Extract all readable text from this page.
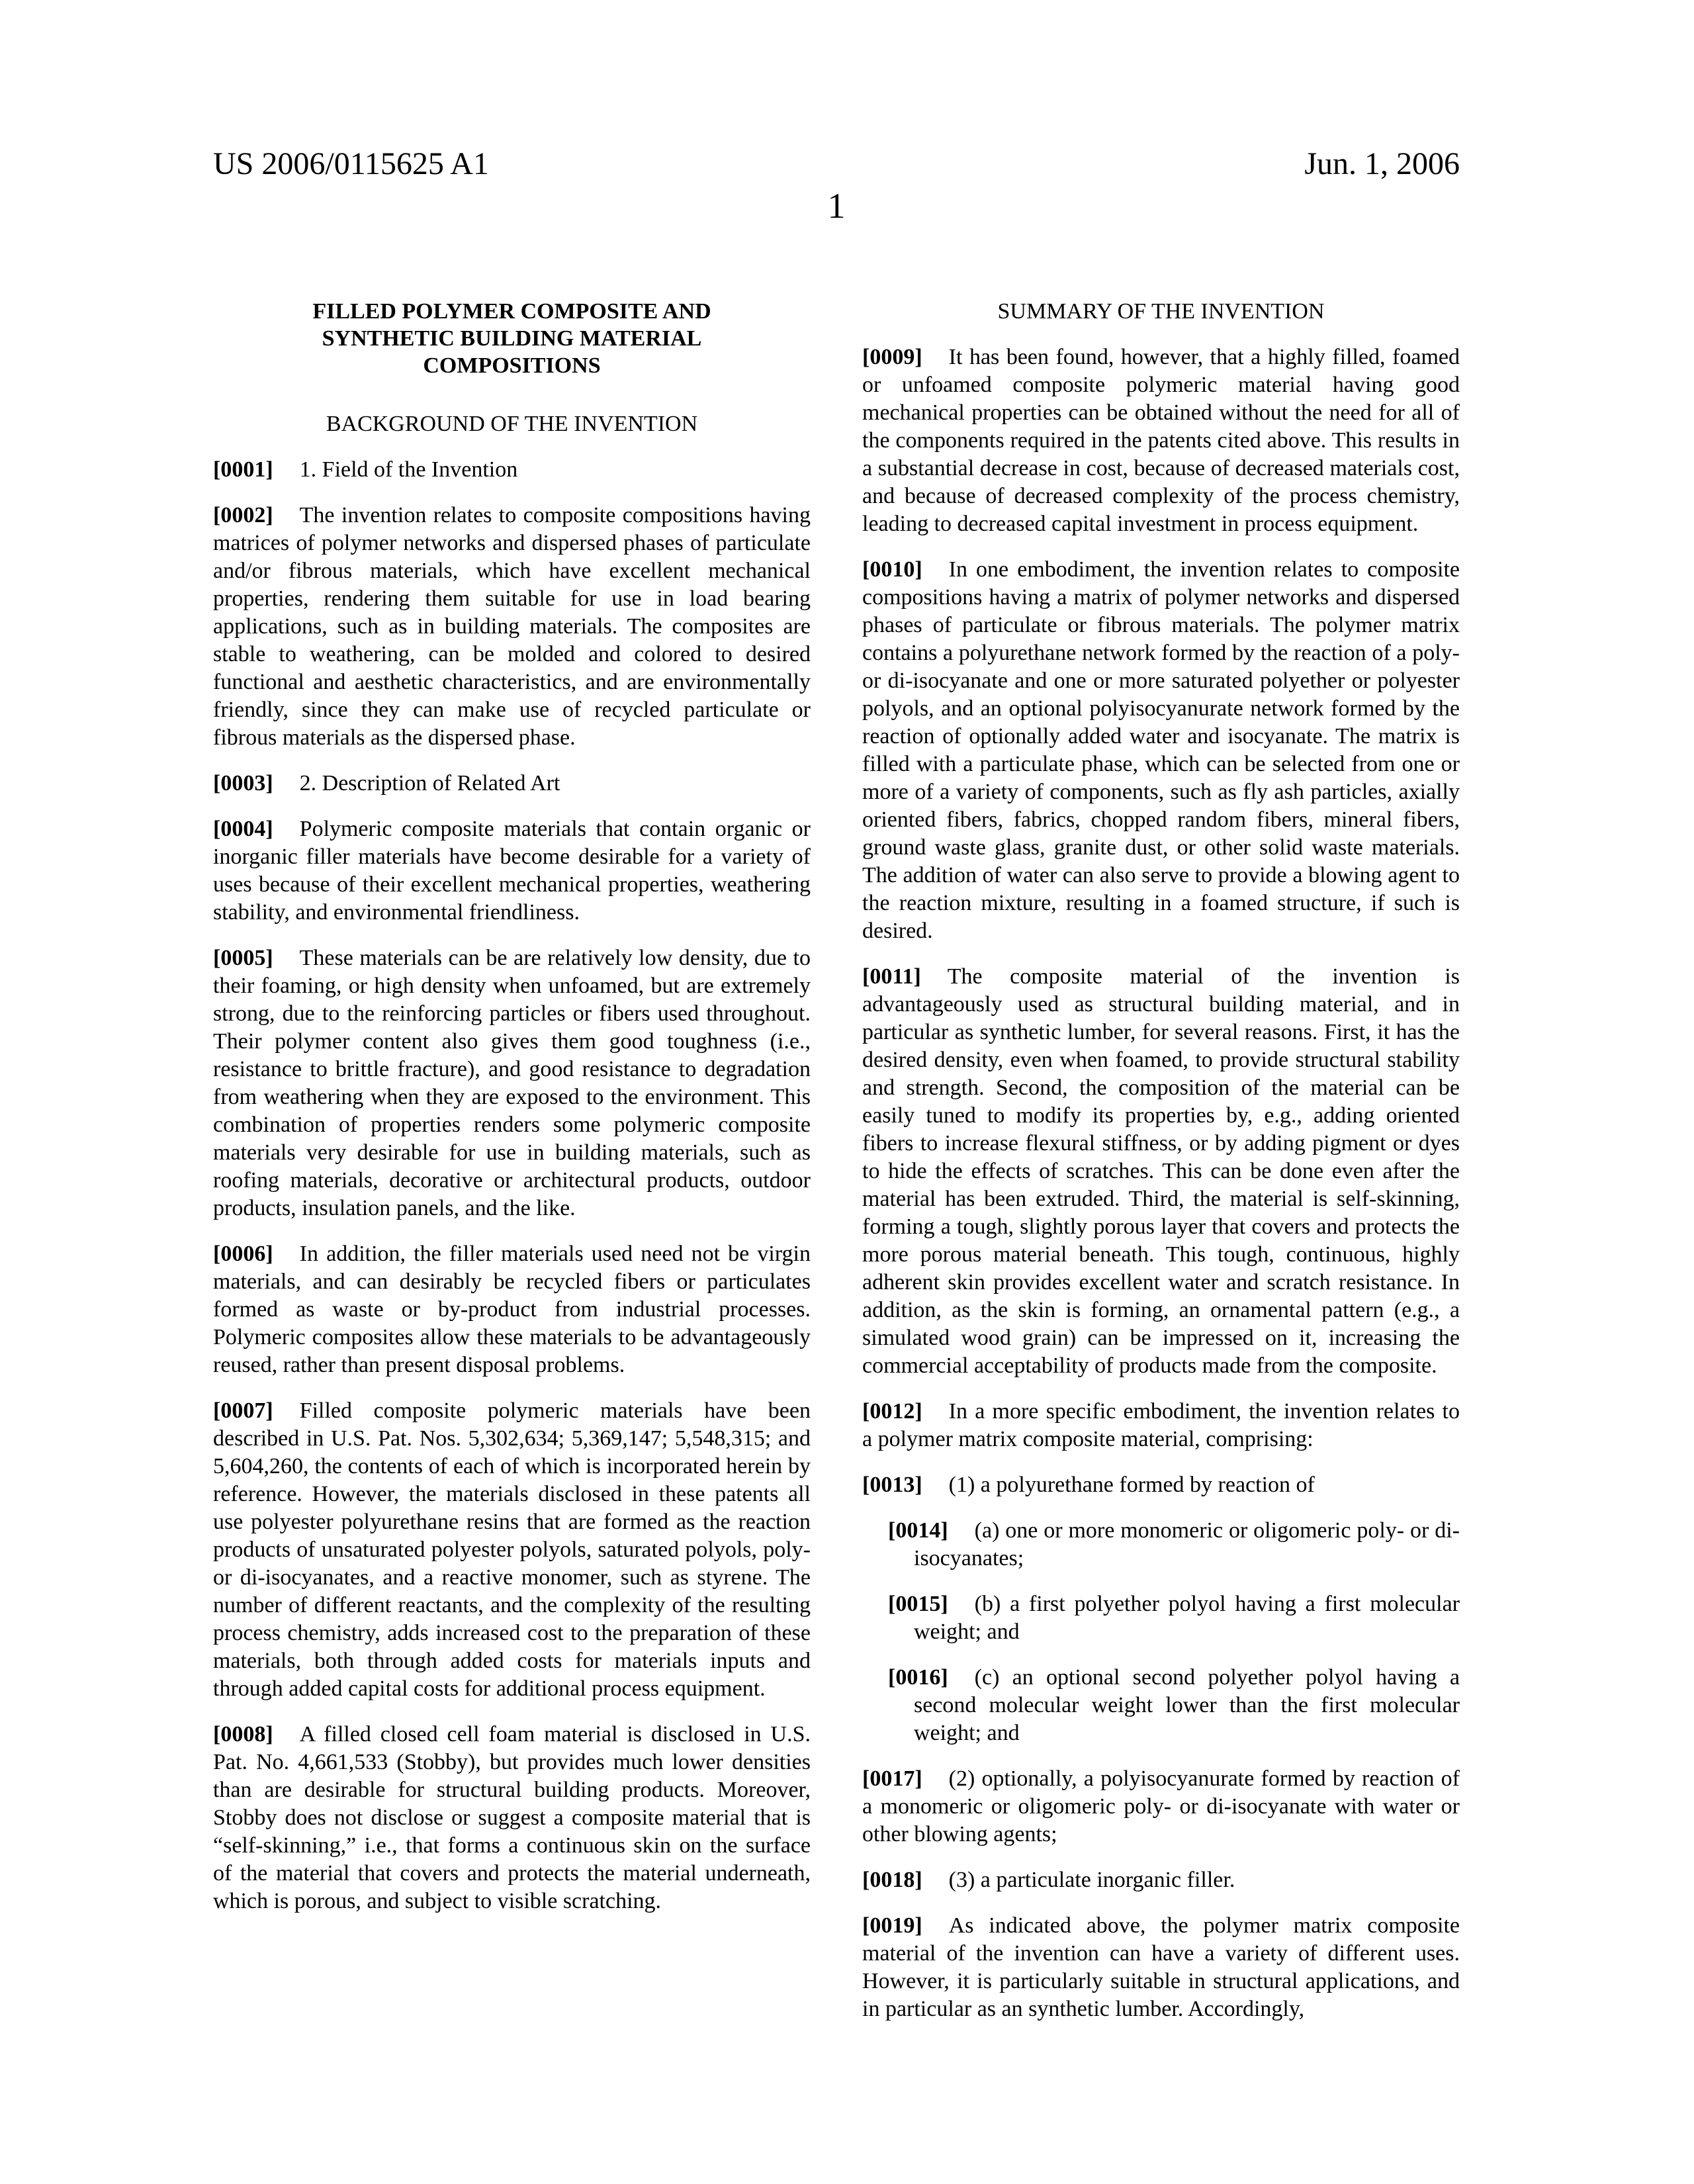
US 2006/0115625 A1	Jun. 1, 2006
1
FILLED POLYMER COMPOSITE AND
SYNTHETIC BUILDING MATERIAL
COMPOSITIONS
BACKGROUND OF THE INVENTION

[0001] 1. Field of the Invention

[0002] The invention relates to composite compositions having matrices of polymer networks and dispersed phases of particulate and/or fibrous materials, which have excellent mechanical properties, rendering them suitable for use in load bearing applications, such as in building materials. The composites are stable to weathering, can be molded and colored to desired functional and aesthetic characteristics, and are environmentally friendly, since they can make use of recycled particulate or fibrous materials as the dispersed phase.

[0003] 2. Description of Related Art

[0004] Polymeric composite materials that contain organic or inorganic filler materials have become desirable for a variety of uses because of their excellent mechanical properties, weathering stability, and environmental friendliness.

[0005] These materials can be are relatively low density, due to their foaming, or high density when unfoamed, but are extremely strong, due to the reinforcing particles or fibers used throughout. Their polymer content also gives them good toughness (i.e., resistance to brittle fracture), and good resistance to degradation from weathering when they are exposed to the environment. This combination of properties renders some polymeric composite materials very desirable for use in building materials, such as roofing materials, decorative or architectural products, outdoor products, insulation panels, and the like.

[0006] In addition, the filler materials used need not be virgin materials, and can desirably be recycled fibers or particulates formed as waste or by-product from industrial processes. Polymeric composites allow these materials to be advantageously reused, rather than present disposal problems.

[0007] Filled composite polymeric materials have been described in U.S. Pat. Nos. 5,302,634; 5,369,147; 5,548,315; and 5,604,260, the contents of each of which is incorporated herein by reference. However, the materials disclosed in these patents all use polyester polyurethane resins that are formed as the reaction products of unsaturated polyester polyols, saturated polyols, poly- or di-isocyanates, and a reactive monomer, such as styrene. The number of different reactants, and the complexity of the resulting process chemistry, adds increased cost to the preparation of these materials, both through added costs for materials inputs and through added capital costs for additional process equipment.

[0008] A filled closed cell foam material is disclosed in U.S. Pat. No. 4,661,533 (Stobby), but provides much lower densities than are desirable for structural building products. Moreover, Stobby does not disclose or suggest a composite material that is “self-skinning,” i.e., that forms a continuous skin on the surface of the material that covers and protects the material underneath, which is porous, and subject to visible scratching.

SUMMARY OF THE INVENTION

[0009] It has been found, however, that a highly filled, foamed or unfoamed composite polymeric material having good mechanical properties can be obtained without the need for all of the components required in the patents cited above. This results in a substantial decrease in cost, because of decreased materials cost, and because of decreased complexity of the process chemistry, leading to decreased capital investment in process equipment.

[0010] In one embodiment, the invention relates to composite compositions having a matrix of polymer networks and dispersed phases of particulate or fibrous materials. The polymer matrix contains a polyurethane network formed by the reaction of a poly- or di-isocyanate and one or more saturated polyether or polyester polyols, and an optional polyisocyanurate network formed by the reaction of optionally added water and isocyanate. The matrix is filled with a particulate phase, which can be selected from one or more of a variety of components, such as fly ash particles, axially oriented fibers, fabrics, chopped random fibers, mineral fibers, ground waste glass, granite dust, or other solid waste materials. The addition of water can also serve to provide a blowing agent to the reaction mixture, resulting in a foamed structure, if such is desired.

[0011] The composite material of the invention is advantageously used as structural building material, and in particular as synthetic lumber, for several reasons. First, it has the desired density, even when foamed, to provide structural stability and strength. Second, the composition of the material can be easily tuned to modify its properties by, e.g., adding oriented fibers to increase flexural stiffness, or by adding pigment or dyes to hide the effects of scratches. This can be done even after the material has been extruded. Third, the material is self-skinning, forming a tough, slightly porous layer that covers and protects the more porous material beneath. This tough, continuous, highly adherent skin provides excellent water and scratch resistance. In addition, as the skin is forming, an ornamental pattern (e.g., a simulated wood grain) can be impressed on it, increasing the commercial acceptability of products made from the composite.

[0012] In a more specific embodiment, the invention relates to a polymer matrix composite material, comprising:

[0013] (1) a polyurethane formed by reaction of

[0014] (a) one or more monomeric or oligomeric poly- or di-isocyanates;

[0015] (b) a first polyether polyol having a first molecular weight; and

[0016] (c) an optional second polyether polyol having a second molecular weight lower than the first molecular weight; and

[0017] (2) optionally, a polyisocyanurate formed by reaction of a monomeric or oligomeric poly- or di-isocyanate with water or other blowing agents;

[0018] (3) a particulate inorganic filler.

[0019] As indicated above, the polymer matrix composite material of the invention can have a variety of different uses. However, it is particularly suitable in structural applications, and in particular as an synthetic lumber. Accordingly,
